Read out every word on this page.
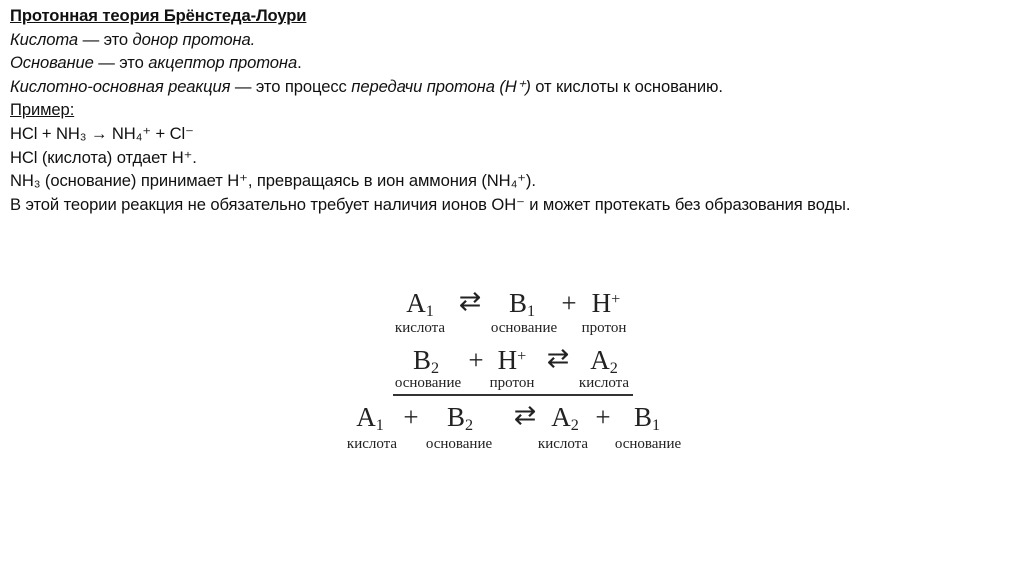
Протонная теория Брёнстеда-Лоури
Кислота — это донор протона.
Основание — это акцептор протона.
Кислотно-основная реакция — это процесс передачи протона (H⁺) от кислоты к основанию.
Пример:
HCl + NH₃ → NH₄⁺ + Cl⁻
HCl (кислота) отдает H⁺.
NH₃ (основание) принимает H⁺, превращаясь в ион аммония (NH₄⁺).
В этой теории реакция не обязательно требует наличия ионов OH⁻ и может протекать без образования воды.
$A_1$ ⇄ $B_1 + H^+$
кислота	основание протон
$B_2 + H^+$ ⇄ $A_2$
основание протон	кислота
$A_1 + B_2$ ⇄ $A_2 + B_1$
кислота основание	кислота основание
